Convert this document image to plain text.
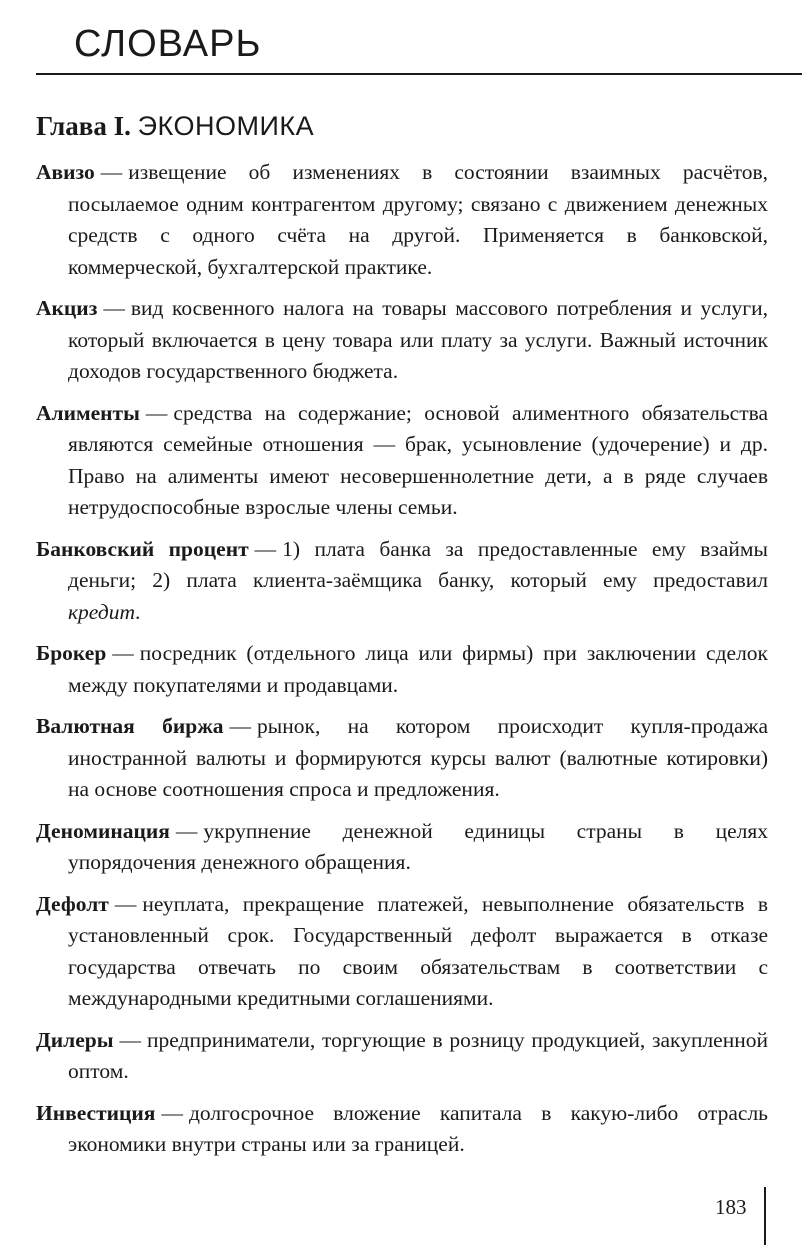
СЛОВАРЬ
Глава I. ЭКОНОМИКА

Авизо — извещение об изменениях в состоянии взаимных расчётов, посылаемое одним контрагентом другому; связано с движением денежных средств с одного счёта на другой. Применяется в банковской, коммерческой, бухгалтерской практике.

Акциз — вид косвенного налога на товары массового потребления и услуги, который включается в цену товара или плату за услуги. Важный источник доходов государственного бюджета.

Алименты — средства на содержание; основой алиментного обязательства являются семейные отношения — брак, усыновление (удочерение) и др. Право на алименты имеют несовершеннолетние дети, а в ряде случаев нетрудоспособные взрослые члены семьи.

Банковский процент — 1) плата банка за предоставленные ему взаймы деньги; 2) плата клиента-заёмщика банку, который ему предоставил кредит.

Брокер — посредник (отдельного лица или фирмы) при заключении сделок между покупателями и продавцами.

Валютная биржа — рынок, на котором происходит купля-продажа иностранной валюты и формируются курсы валют (валютные котировки) на основе соотношения спроса и предложения.

Деноминация — укрупнение денежной единицы страны в целях упорядочения денежного обращения.

Дефолт — неуплата, прекращение платежей, невыполнение обязательств в установленный срок. Государственный дефолт выражается в отказе государства отвечать по своим обязательствам в соответствии с международными кредитными соглашениями.

Дилеры — предприниматели, торгующие в розницу продукцией, закупленной оптом.

Инвестиция — долгосрочное вложение капитала в какую-либо отрасль экономики внутри страны или за границей.

183
